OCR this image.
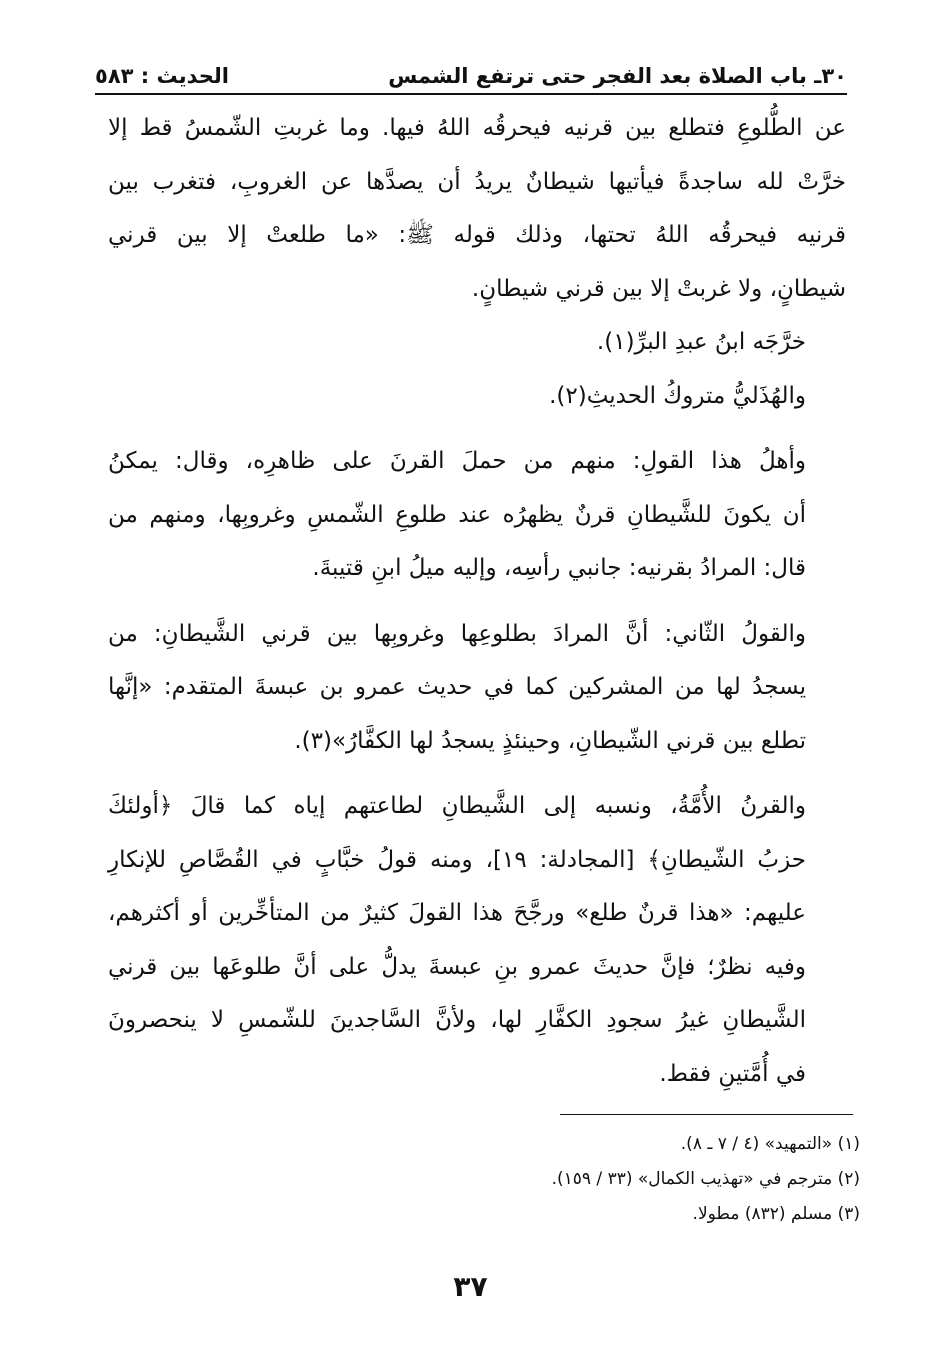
٣٠ـ باب الصلاة بعد الفجر حتى ترتفع الشمس
الحديث : ٥٨٣

عن الطُّلوعِ فتطلع بين قرنيه فيحرقُه اللهُ فيها. وما غربتِ الشّمسُ قط إلا
خرَّتْ لله ساجدةً فيأتيها شيطانٌ يريدُ أن يصدَّها عن الغروبِ، فتغرب بين
قرنيه فيحرقُه اللهُ تحتها، وذلك قوله ﷺ: «ما طلعتْ إلا بين قرني
شيطانٍ، ولا غربتْ إلا بين قرني شيطانٍ.

خرَّجَه ابنُ عبدِ البرِّ(١).

والهُذَليُّ متروكُ الحديثِ(٢).

وأهلُ هذا القولِ: منهم من حملَ القرنَ على ظاهرِه، وقال: يمكنُ
أن يكونَ للشَّيطانِ قرنٌ يظهرُه عند طلوعِ الشّمسِ وغروبِها، ومنهم من
قال: المرادُ بقرنيه: جانبي رأسِه، وإليه ميلُ ابنِ قتيبةَ.

والقولُ الثّاني: أنَّ المرادَ بطلوعِها وغروبِها بين قرني الشَّيطانِ: من
يسجدُ لها من المشركين كما في حديث عمرو بن عبسةَ المتقدم: «إنَّها
تطلع بين قرني الشّيطانِ، وحينئذٍ يسجدُ لها الكفَّارُ»(٣).

والقرنُ الأُمَّةُ، ونسبه إلى الشَّيطانِ لطاعتهم إياه كما قالَ ﴿أولئكَ
حزبُ الشّيطانِ﴾ [المجادلة: ١٩]، ومنه قولُ خبَّابٍ في القُصَّاصِ للإنكارِ
عليهم: «هذا قرنٌ طلع» ورجَّحَ هذا القولَ كثيرٌ من المتأخِّرين أو أكثرهم،
وفيه نظرٌ؛ فإنَّ حديثَ عمرو بنِ عبسةَ يدلُّ على أنَّ طلوعَها بين قرني
الشَّيطانِ غيرُ سجودِ الكفَّارِ لها، ولأنَّ السَّاجدينَ للشّمسِ لا ينحصرونَ
في أُمَّتينِ فقط.

(١) «التمهيد» (٤ / ٧ ـ ٨).
(٢) مترجم في «تهذيب الكمال» (٣٣ / ١٥٩).
(٣) مسلم (٨٣٢) مطولا.
٣٧
